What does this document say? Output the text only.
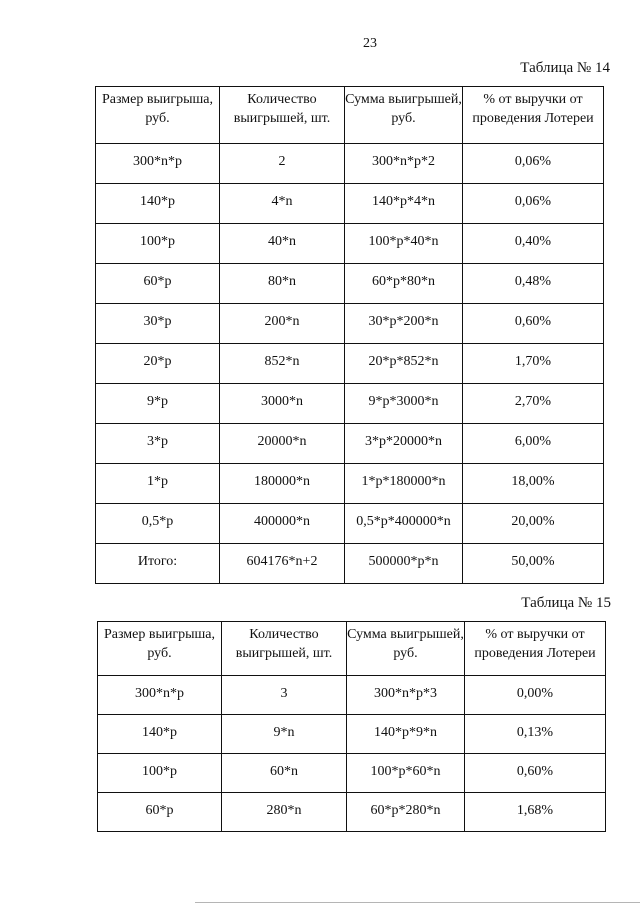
23
Таблица № 14
Размер выигрыша, руб.	Количество выигрышей, шт.	Сумма выигрышей, руб.	% от выручки от проведения Лотереи
300*n*p	2	300*n*p*2	0,06%
140*p	4*n	140*p*4*n	0,06%
100*p	40*n	100*p*40*n	0,40%
60*p	80*n	60*p*80*n	0,48%
30*p	200*n	30*p*200*n	0,60%
20*p	852*n	20*p*852*n	1,70%
9*p	3000*n	9*p*3000*n	2,70%
3*p	20000*n	3*p*20000*n	6,00%
1*p	180000*n	1*p*180000*n	18,00%
0,5*p	400000*n	0,5*p*400000*n	20,00%
Итого:	604176*n+2	500000*p*n	50,00%
Таблица № 15
Размер выигрыша, руб.	Количество выигрышей, шт.	Сумма выигрышей, руб.	% от выручки от проведения Лотереи
300*n*p	3	300*n*p*3	0,00%
140*p	9*n	140*p*9*n	0,13%
100*p	60*n	100*p*60*n	0,60%
60*p	280*n	60*p*280*n	1,68%
